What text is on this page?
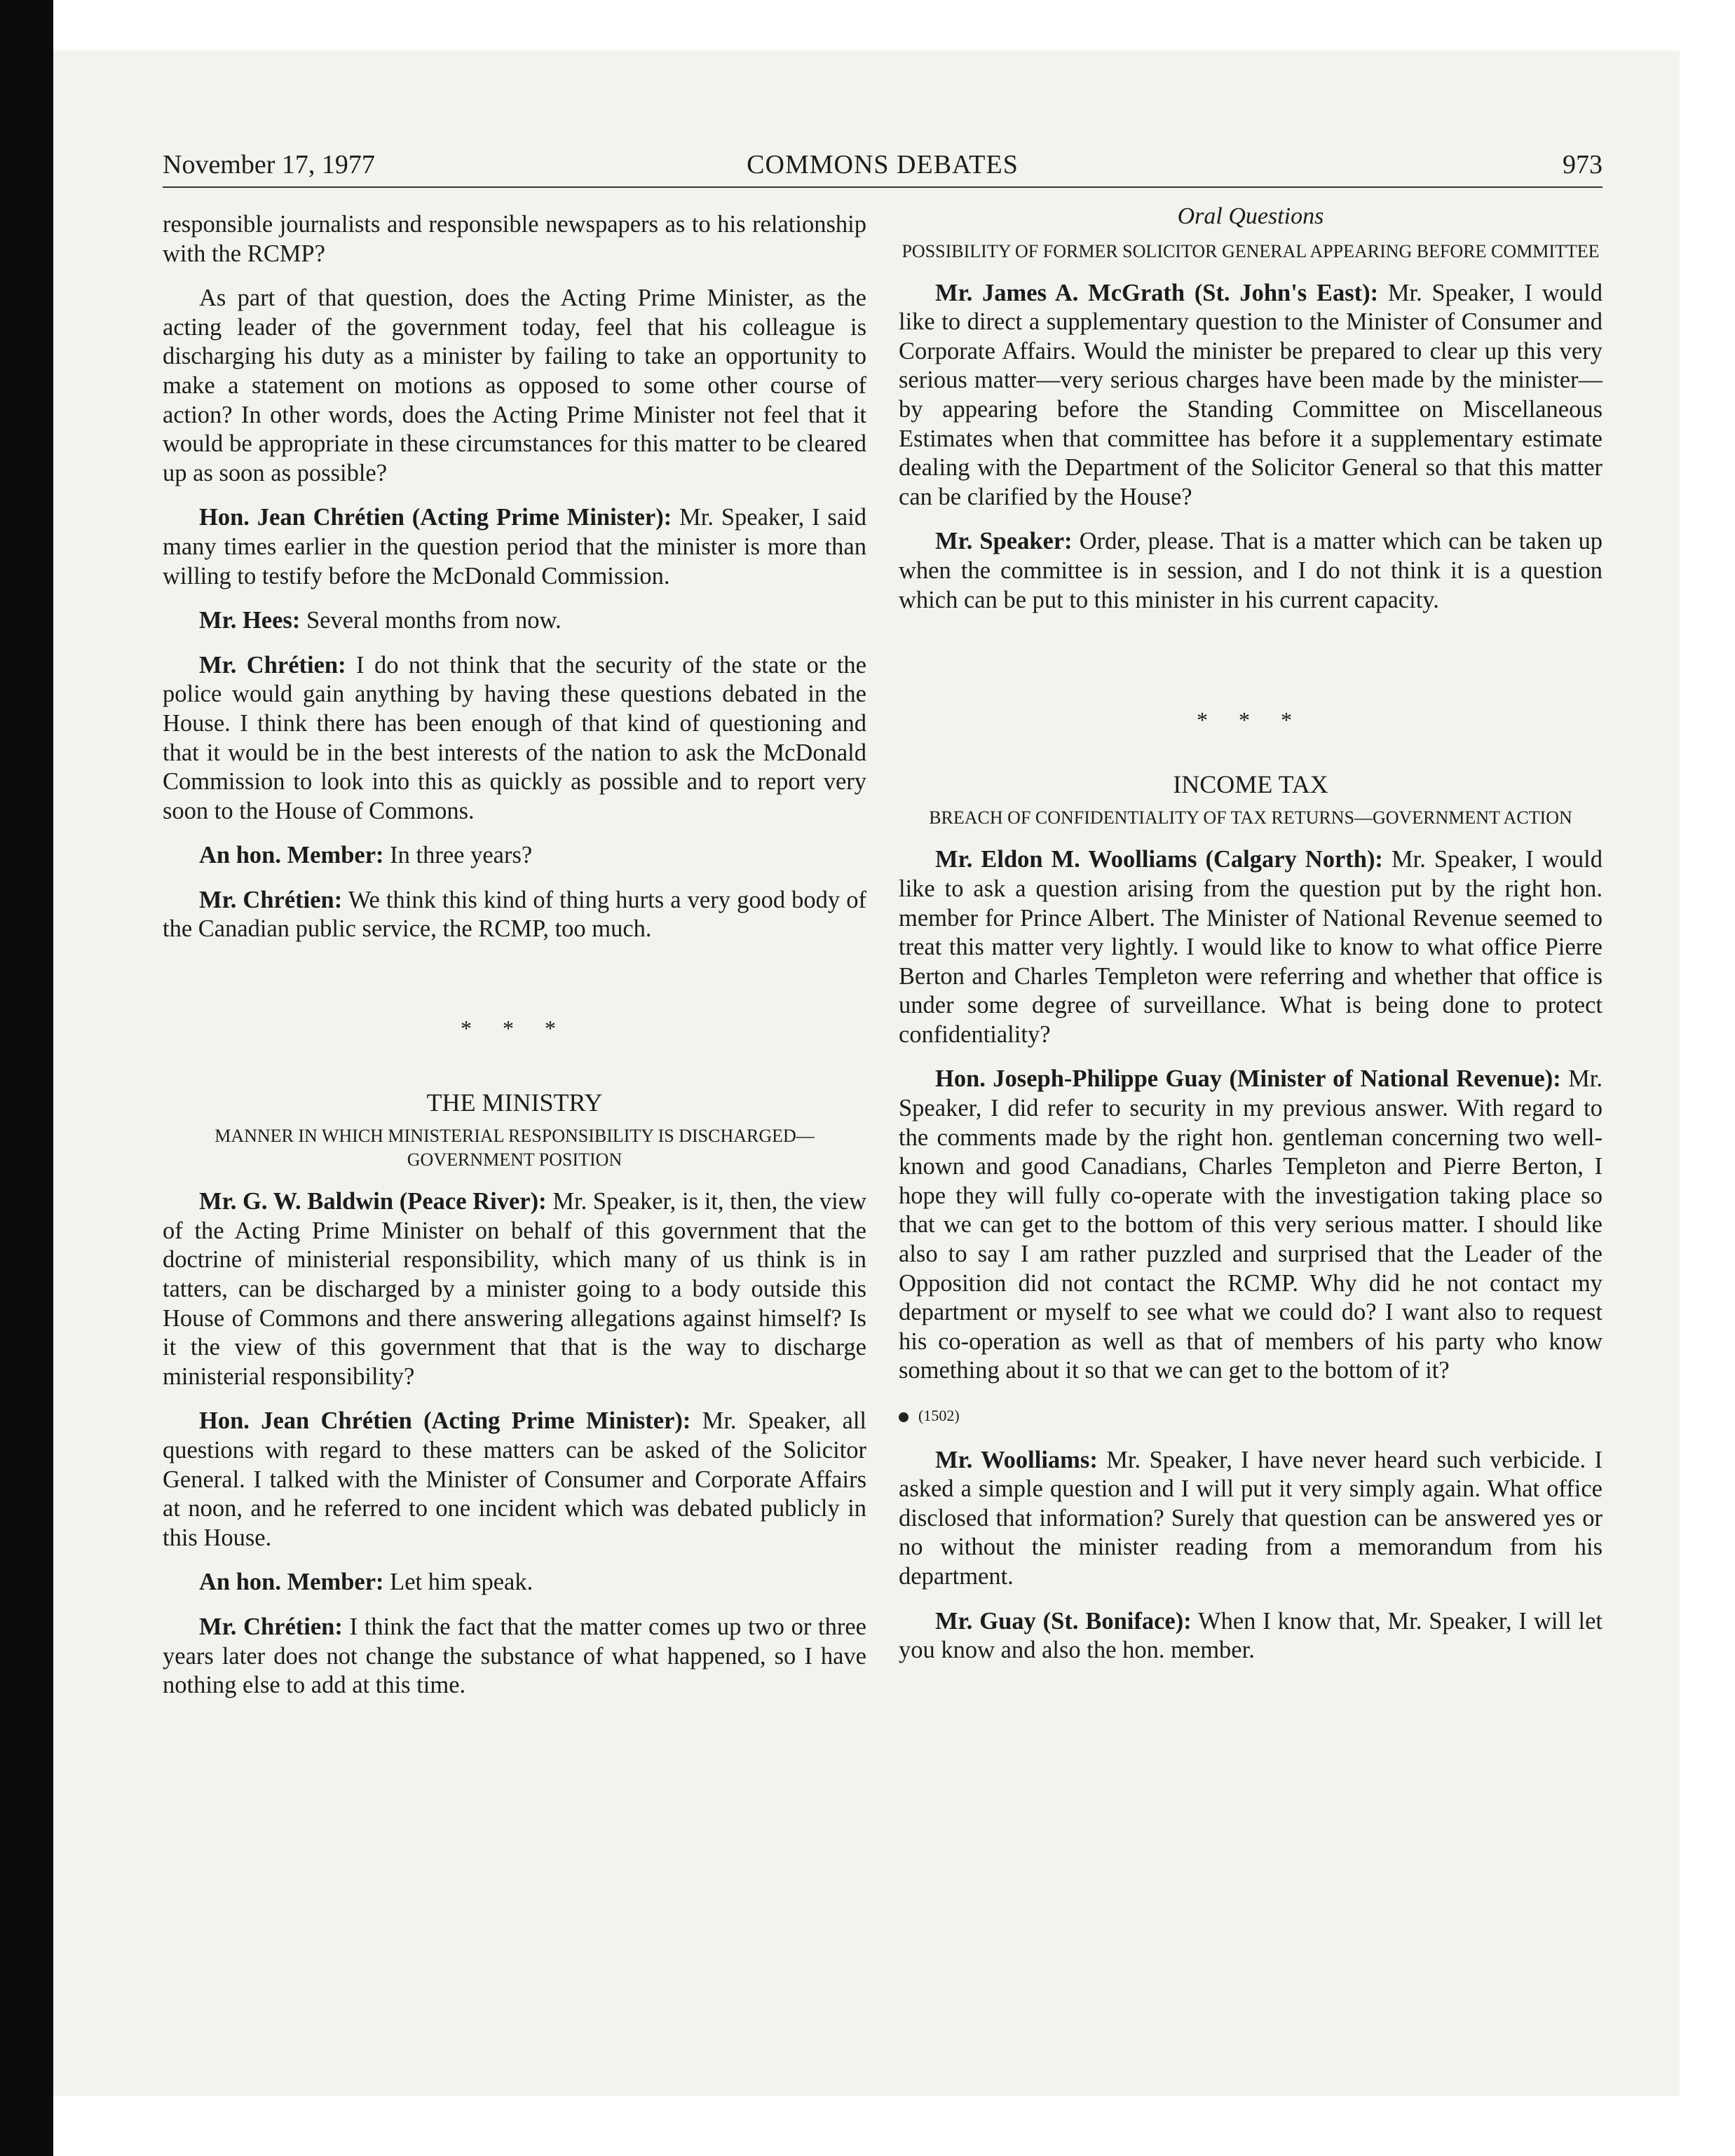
November 17, 1977	COMMONS DEBATES	973

responsible journalists and responsible newspapers as to his relationship with the RCMP?

As part of that question, does the Acting Prime Minister, as the acting leader of the government today, feel that his colleague is discharging his duty as a minister by failing to take an opportunity to make a statement on motions as opposed to some other course of action? In other words, does the Acting Prime Minister not feel that it would be appropriate in these circumstances for this matter to be cleared up as soon as possible?

Hon. Jean Chrétien (Acting Prime Minister): Mr. Speaker, I said many times earlier in the question period that the minister is more than willing to testify before the McDonald Commission.

Mr. Hees: Several months from now.

Mr. Chrétien: I do not think that the security of the state or the police would gain anything by having these questions debated in the House. I think there has been enough of that kind of questioning and that it would be in the best interests of the nation to ask the McDonald Commission to look into this as quickly as possible and to report very soon to the House of Commons.

An hon. Member: In three years?

Mr. Chrétien: We think this kind of thing hurts a very good body of the Canadian public service, the RCMP, too much.

* * *
THE MINISTRY

MANNER IN WHICH MINISTERIAL RESPONSIBILITY IS DISCHARGED—GOVERNMENT POSITION

Mr. G. W. Baldwin (Peace River): Mr. Speaker, is it, then, the view of the Acting Prime Minister on behalf of this government that the doctrine of ministerial responsibility, which many of us think is in tatters, can be discharged by a minister going to a body outside this House of Commons and there answering allegations against himself? Is it the view of this government that that is the way to discharge ministerial responsibility?

Hon. Jean Chrétien (Acting Prime Minister): Mr. Speaker, all questions with regard to these matters can be asked of the Solicitor General. I talked with the Minister of Consumer and Corporate Affairs at noon, and he referred to one incident which was debated publicly in this House.

An hon. Member: Let him speak.

Mr. Chrétien: I think the fact that the matter comes up two or three years later does not change the substance of what happened, so I have nothing else to add at this time.

Oral Questions

POSSIBILITY OF FORMER SOLICITOR GENERAL APPEARING BEFORE COMMITTEE

Mr. James A. McGrath (St. John's East): Mr. Speaker, I would like to direct a supplementary question to the Minister of Consumer and Corporate Affairs. Would the minister be prepared to clear up this very serious matter—very serious charges have been made by the minister—by appearing before the Standing Committee on Miscellaneous Estimates when that committee has before it a supplementary estimate dealing with the Department of the Solicitor General so that this matter can be clarified by the House?

Mr. Speaker: Order, please. That is a matter which can be taken up when the committee is in session, and I do not think it is a question which can be put to this minister in his current capacity.

* * *
INCOME TAX

BREACH OF CONFIDENTIALITY OF TAX RETURNS—GOVERNMENT ACTION

Mr. Eldon M. Woolliams (Calgary North): Mr. Speaker, I would like to ask a question arising from the question put by the right hon. member for Prince Albert. The Minister of National Revenue seemed to treat this matter very lightly. I would like to know to what office Pierre Berton and Charles Templeton were referring and whether that office is under some degree of surveillance. What is being done to protect confidentiality?

Hon. Joseph-Philippe Guay (Minister of National Revenue): Mr. Speaker, I did refer to security in my previous answer. With regard to the comments made by the right hon. gentleman concerning two well-known and good Canadians, Charles Templeton and Pierre Berton, I hope they will fully co-operate with the investigation taking place so that we can get to the bottom of this very serious matter. I should like also to say I am rather puzzled and surprised that the Leader of the Opposition did not contact the RCMP. Why did he not contact my department or myself to see what we could do? I want also to request his co-operation as well as that of members of his party who know something about it so that we can get to the bottom of it?

(1502)

Mr. Woolliams: Mr. Speaker, I have never heard such verbicide. I asked a simple question and I will put it very simply again. What office disclosed that information? Surely that question can be answered yes or no without the minister reading from a memorandum from his department.

Mr. Guay (St. Boniface): When I know that, Mr. Speaker, I will let you know and also the hon. member.
